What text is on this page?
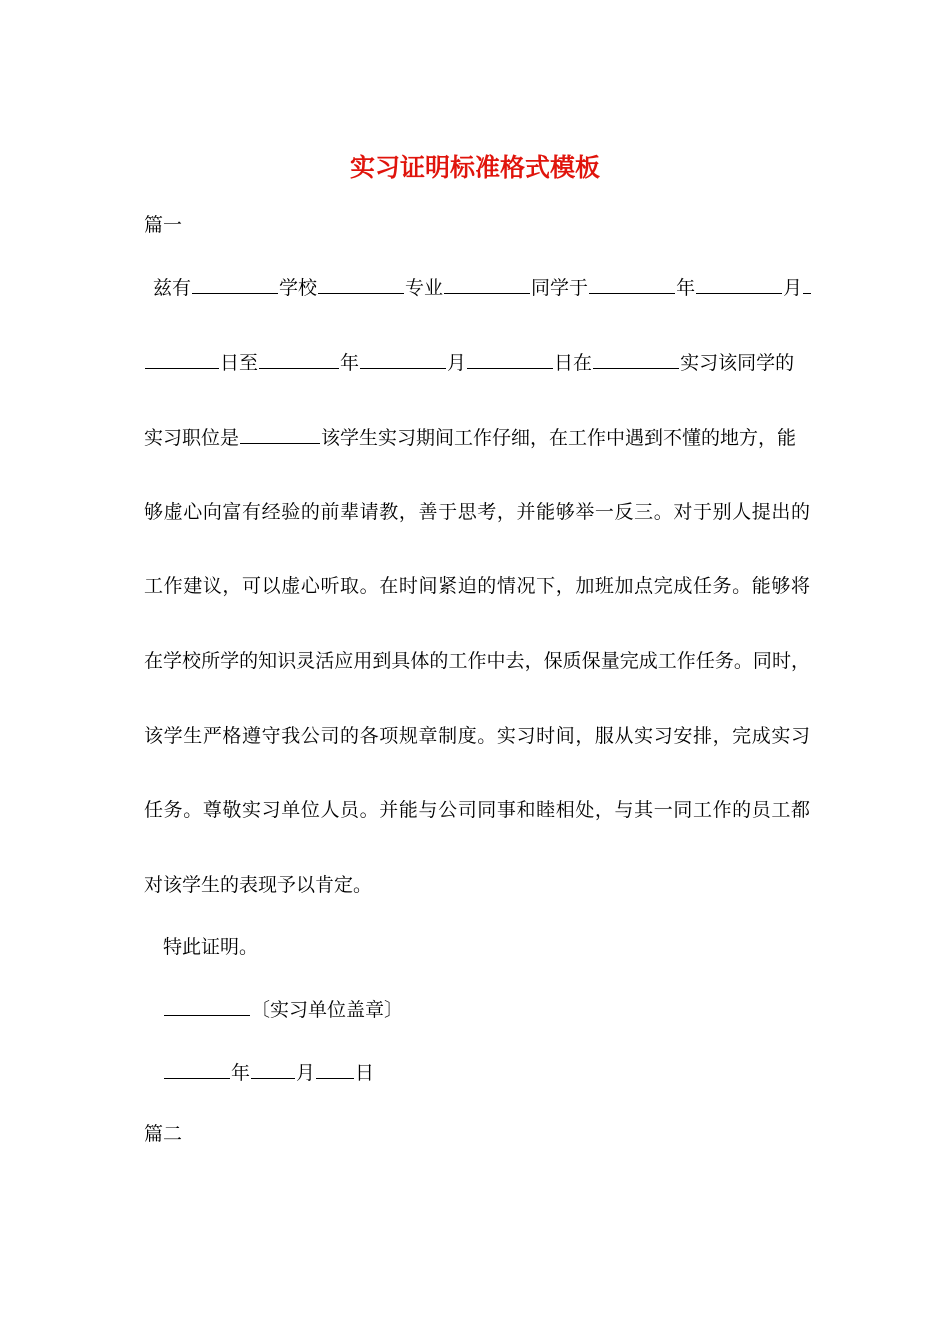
实习证明标准格式模板
篇一
兹有	学校	专业	同学于	年	月
日至	年	月	日在	实习该同学的
实习职位是	该学生实习期间工作仔细，在工作中遇到不懂的地方，能
够虚心向富有经验的前辈请教，善于思考，并能够举一反三。对于别人提出的
工作建议，可以虚心听取。在时间紧迫的情况下，加班加点完成任务。能够将
在学校所学的知识灵活应用到具体的工作中去，保质保量完成工作任务。同时，
该学生严格遵守我公司的各项规章制度。实习时间，服从实习安排，完成实习
任务。尊敬实习单位人员。并能与公司同事和睦相处，与其一同工作的员工都
对该学生的表现予以肯定。
特此证明。
〔实习单位盖章〕
年 月 日
篇二
